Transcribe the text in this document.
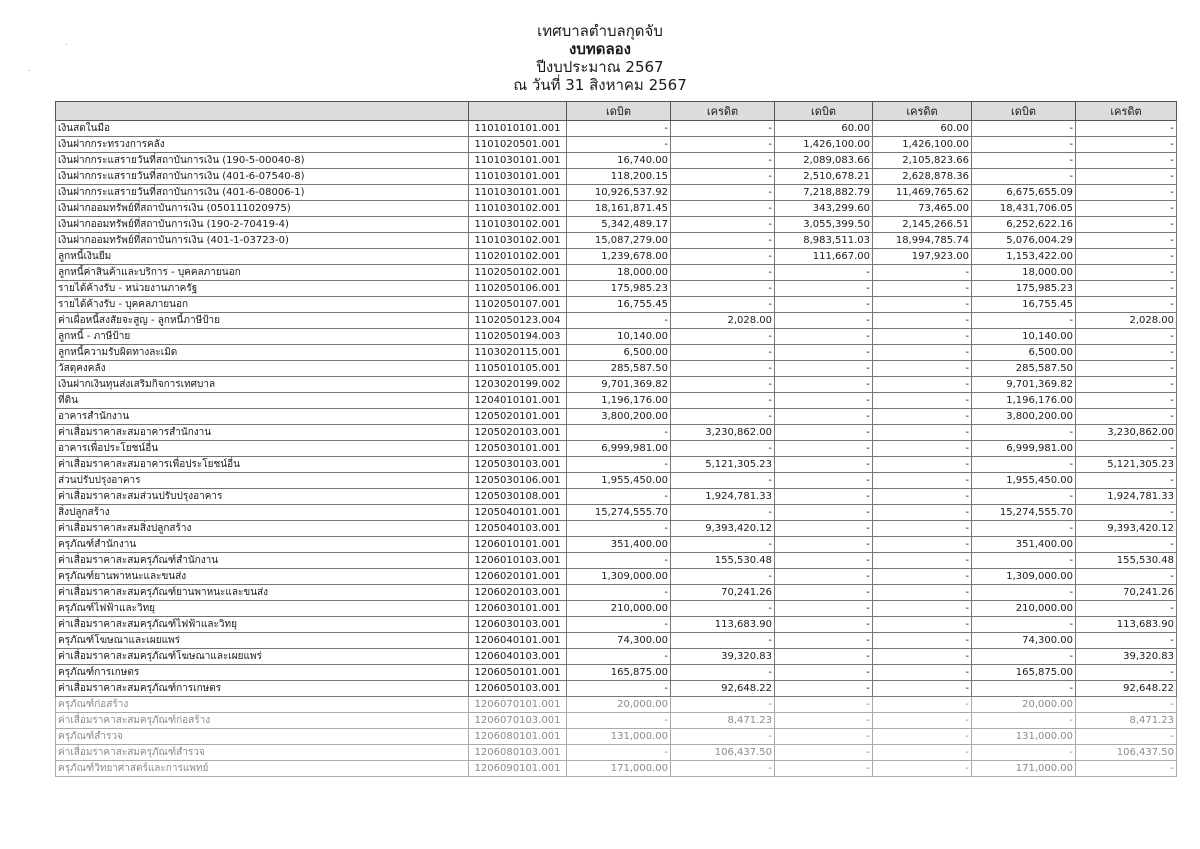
.
.
เทศบาลตำบลกุดจับ
งบทดลอง
ปีงบประมาณ 2567
ณ วันที่ 31 สิงหาคม 2567
		เดบิต	เครดิต	เดบิต	เครดิต	เดบิต	เครดิต
เงินสดในมือ	1101010101.001	-	-	60.00	60.00	-	-
เงินฝากกระทรวงการคลัง	1101020501.001	-	-	1,426,100.00	1,426,100.00	-	-
เงินฝากกระแสรายวันที่สถาบันการเงิน (190-5-00040-8)	1101030101.001	16,740.00	-	2,089,083.66	2,105,823.66	-	-
เงินฝากกระแสรายวันที่สถาบันการเงิน (401-6-07540-8)	1101030101.001	118,200.15	-	2,510,678.21	2,628,878.36	-	-
เงินฝากกระแสรายวันที่สถาบันการเงิน (401-6-08006-1)	1101030101.001	10,926,537.92	-	7,218,882.79	11,469,765.62	6,675,655.09	-
เงินฝากออมทรัพย์ที่สถาบันการเงิน (050111020975)	1101030102.001	18,161,871.45	-	343,299.60	73,465.00	18,431,706.05	-
เงินฝากออมทรัพย์ที่สถาบันการเงิน (190-2-70419-4)	1101030102.001	5,342,489.17	-	3,055,399.50	2,145,266.51	6,252,622.16	-
เงินฝากออมทรัพย์ที่สถาบันการเงิน (401-1-03723-0)	1101030102.001	15,087,279.00	-	8,983,511.03	18,994,785.74	5,076,004.29	-
ลูกหนี้เงินยืม	1102010102.001	1,239,678.00	-	111,667.00	197,923.00	1,153,422.00	-
ลูกหนี้ค่าสินค้าและบริการ - บุคคลภายนอก	1102050102.001	18,000.00	-	-	-	18,000.00	-
รายได้ค้างรับ - หน่วยงานภาครัฐ	1102050106.001	175,985.23	-	-	-	175,985.23	-
รายได้ค้างรับ - บุคคลภายนอก	1102050107.001	16,755.45	-	-	-	16,755.45	-
ค่าเผื่อหนี้สงสัยจะสูญ - ลูกหนี้ภาษีป้าย	1102050123.004	-	2,028.00	-	-	-	2,028.00
ลูกหนี้ - ภาษีป้าย	1102050194.003	10,140.00	-	-	-	10,140.00	-
ลูกหนี้ความรับผิดทางละเมิด	1103020115.001	6,500.00	-	-	-	6,500.00	-
วัสดุคงคลัง	1105010105.001	285,587.50	-	-	-	285,587.50	-
เงินฝากเงินทุนส่งเสริมกิจการเทศบาล	1203020199.002	9,701,369.82	-	-	-	9,701,369.82	-
ที่ดิน	1204010101.001	1,196,176.00	-	-	-	1,196,176.00	-
อาคารสำนักงาน	1205020101.001	3,800,200.00	-	-	-	3,800,200.00	-
ค่าเสื่อมราคาสะสมอาคารสำนักงาน	1205020103.001	-	3,230,862.00	-	-	-	3,230,862.00
อาคารเพื่อประโยชน์อื่น	1205030101.001	6,999,981.00	-	-	-	6,999,981.00	-
ค่าเสื่อมราคาสะสมอาคารเพื่อประโยชน์อื่น	1205030103.001	-	5,121,305.23	-	-	-	5,121,305.23
ส่วนปรับปรุงอาคาร	1205030106.001	1,955,450.00	-	-	-	1,955,450.00	-
ค่าเสื่อมราคาสะสมส่วนปรับปรุงอาคาร	1205030108.001	-	1,924,781.33	-	-	-	1,924,781.33
สิ่งปลูกสร้าง	1205040101.001	15,274,555.70	-	-	-	15,274,555.70	-
ค่าเสื่อมราคาสะสมสิ่งปลูกสร้าง	1205040103.001	-	9,393,420.12	-	-	-	9,393,420.12
ครุภัณฑ์สำนักงาน	1206010101.001	351,400.00	-	-	-	351,400.00	-
ค่าเสื่อมราคาสะสมครุภัณฑ์สำนักงาน	1206010103.001	-	155,530.48	-	-	-	155,530.48
ครุภัณฑ์ยานพาหนะและขนส่ง	1206020101.001	1,309,000.00	-	-	-	1,309,000.00	-
ค่าเสื่อมราคาสะสมครุภัณฑ์ยานพาหนะและขนส่ง	1206020103.001	-	70,241.26	-	-	-	70,241.26
ครุภัณฑ์ไฟฟ้าและวิทยุ	1206030101.001	210,000.00	-	-	-	210,000.00	-
ค่าเสื่อมราคาสะสมครุภัณฑ์ไฟฟ้าและวิทยุ	1206030103.001	-	113,683.90	-	-	-	113,683.90
ครุภัณฑ์โฆษณาและเผยแพร่	1206040101.001	74,300.00	-	-	-	74,300.00	-
ค่าเสื่อมราคาสะสมครุภัณฑ์โฆษณาและเผยแพร่	1206040103.001	-	39,320.83	-	-	-	39,320.83
ครุภัณฑ์การเกษตร	1206050101.001	165,875.00	-	-	-	165,875.00	-
ค่าเสื่อมราคาสะสมครุภัณฑ์การเกษตร	1206050103.001	-	92,648.22	-	-	-	92,648.22
ครุภัณฑ์ก่อสร้าง	1206070101.001	20,000.00	-	-	-	20,000.00	-
ค่าเสื่อมราคาสะสมครุภัณฑ์ก่อสร้าง	1206070103.001	-	8,471.23	-	-	-	8,471.23
ครุภัณฑ์สำรวจ	1206080101.001	131,000.00	-	-	-	131,000.00	-
ค่าเสื่อมราคาสะสมครุภัณฑ์สำรวจ	1206080103.001	-	106,437.50	-	-	-	106,437.50
ครุภัณฑ์วิทยาศาสตร์และการแพทย์	1206090101.001	171,000.00	-	-	-	171,000.00	-
